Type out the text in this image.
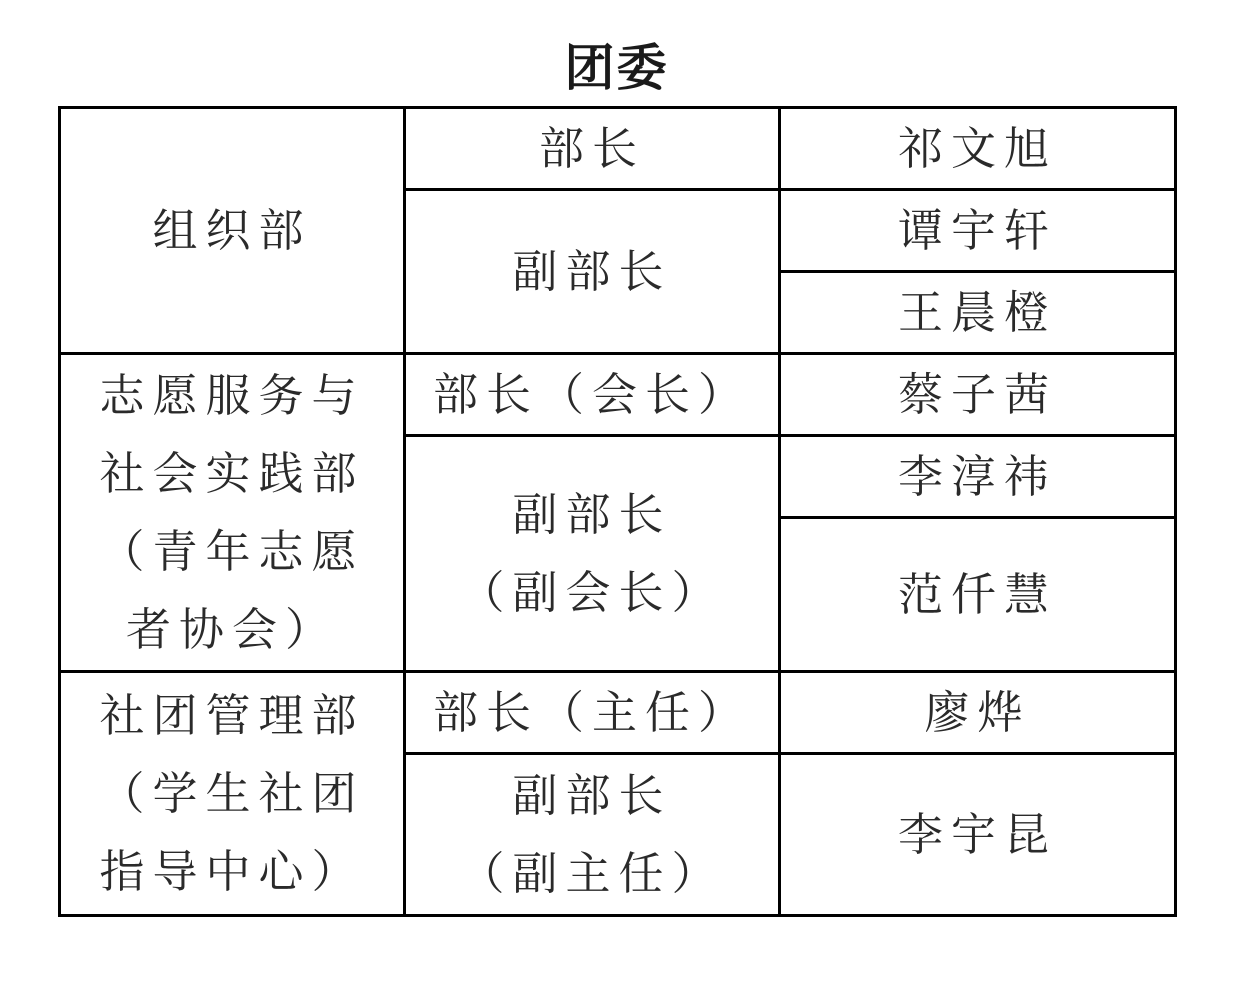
团委
组织部	部长	祁文旭

	副部长	谭宇轩

		王晨橙

志愿服务与
社会实践部
（青年志愿
者协会）	部长（会长）	蔡子茜

	副部长
（副会长）	李淳祎

		范仟慧

社团管理部
（学生社团
指导中心）	部长（主任）	廖烨

	副部长
（副主任）	李宇昆
